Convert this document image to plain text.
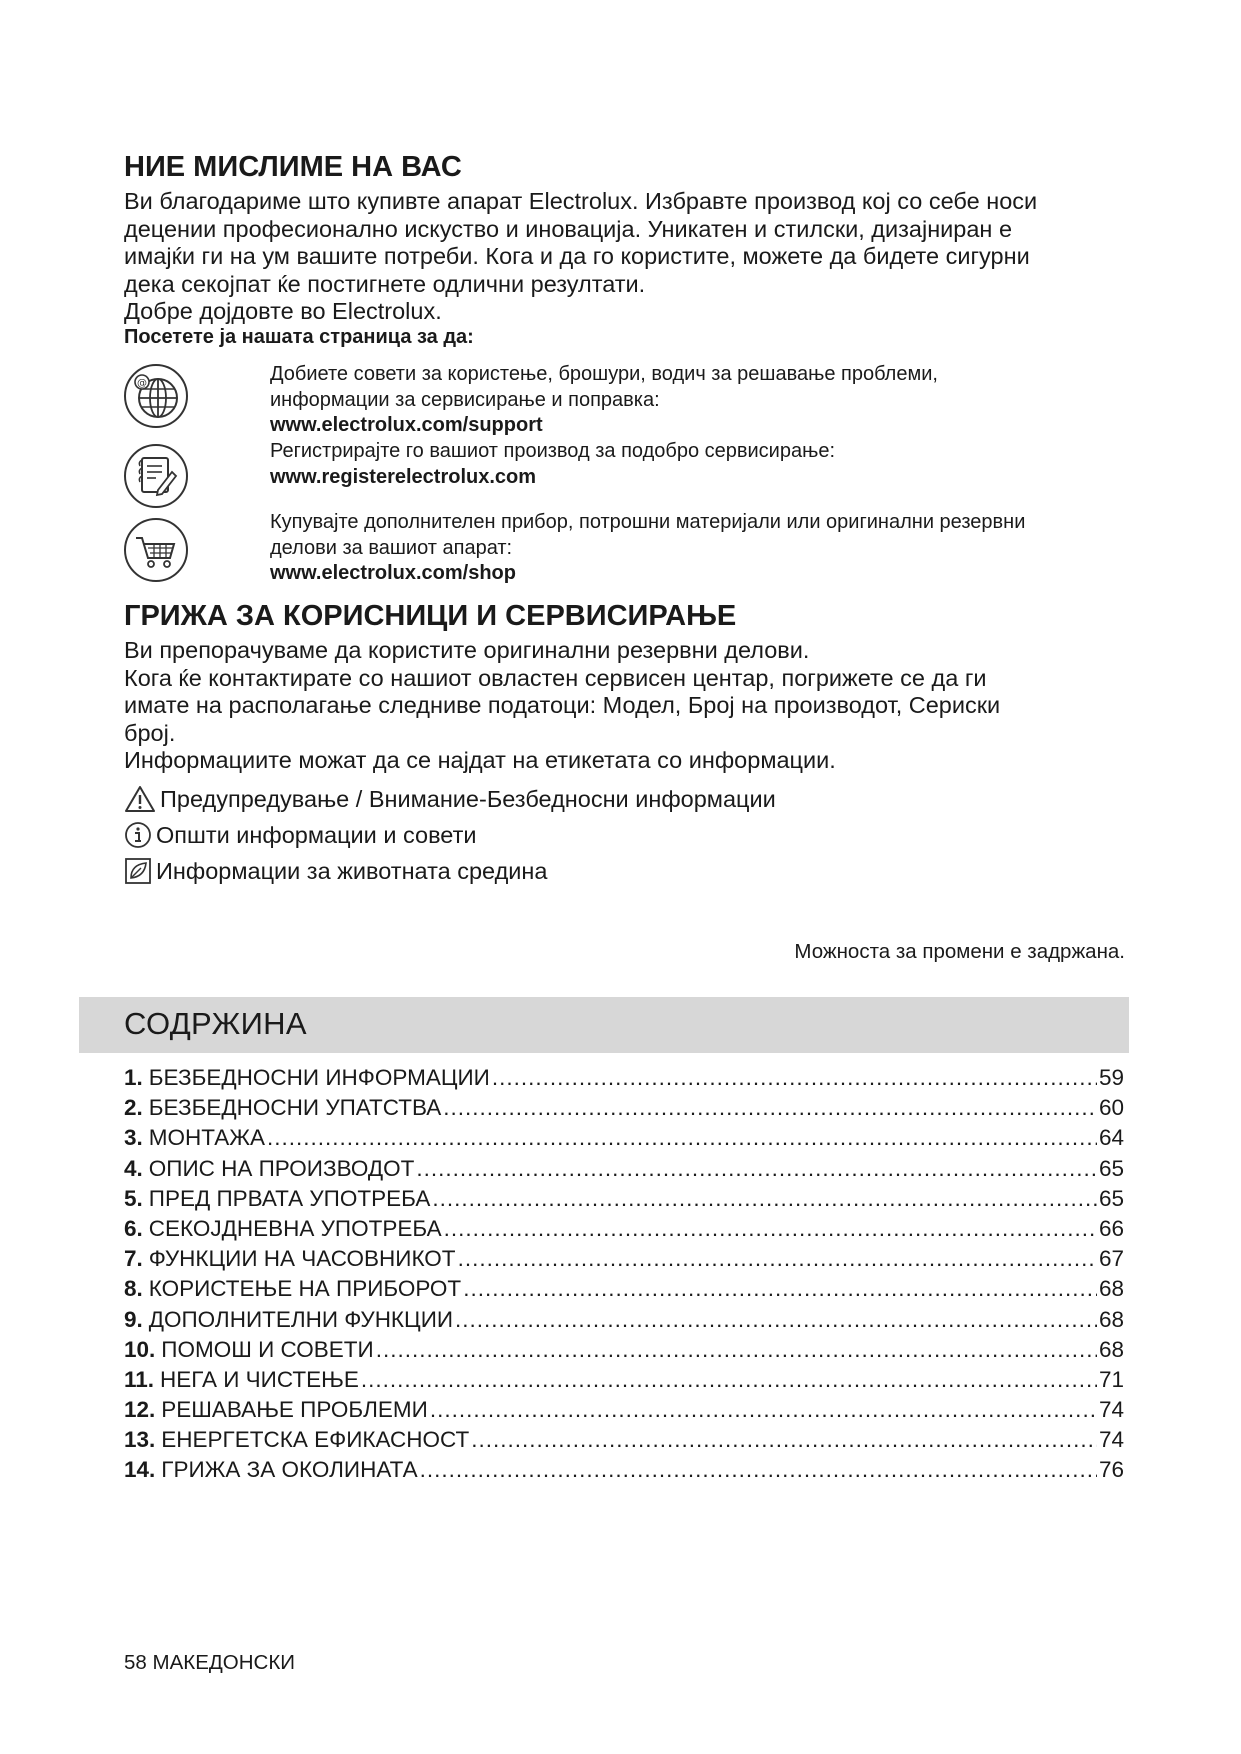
НИЕ МИСЛИМЕ НА ВАС
Ви благодариме што купивте апарат Electrolux. Избравте производ кој со себе носи
децении професионално искуство и иновација. Уникатен и стилски, дизајниран е
имајќи ги на ум вашите потреби. Кога и да го користите, можете да бидете сигурни
дека секојпат ќе постигнете одлични резултати.
Добре дојдовте во Electrolux.
Посетете ја нашата страница за да:
@	Добиете совети за користење, брошури, водич за решавање проблеми,
информации за сервисирање и поправка:
www.electrolux.com/support
Регистрирајте го вашиот производ за подобро сервисирање:
www.registerelectrolux.com
Купувајте дополнителен прибор, потрошни материјали или оригинални резервни
делови за вашиот апарат:
www.electrolux.com/shop
ГРИЖА ЗА КОРИСНИЦИ И СЕРВИСИРАЊЕ
Ви препорачуваме да користите оригинални резервни делови.
Кога ќе контактирате со нашиот овластен сервисен центар, погрижете се да ги
имате на располагање следниве податоци: Модел, Број на производот, Сериски
број.
Информациите можат да се најдат на етикетата со информации.
Предупредување / Внимание-Безбедносни информации
Општи информации и совети
Информации за животната средина
Можноста за промени е задржана.
СОДРЖИНА
1. БЕЗБЕДНОСНИ ИНФОРМАЦИИ .....	59
2. БЕЗБЕДНОСНИ УПАТСТВА .....	60
3. МОНТАЖА .....	64
4. ОПИС НА ПРОИЗВОДОТ .....	65
5. ПРЕД ПРВАТА УПОТРЕБА .....	65
6. СЕКОЈДНЕВНА УПОТРЕБА .....	66
7. ФУНКЦИИ НА ЧАСОВНИКОТ .....	67
8. КОРИСТЕЊЕ НА ПРИБОРОТ .....	68
9. ДОПОЛНИТЕЛНИ ФУНКЦИИ .....	68
10. ПОМОШ И СОВЕТИ .....	68
11. НЕГА И ЧИСТЕЊЕ .....	71
12. РЕШАВАЊЕ ПРОБЛЕМИ .....	74
13. ЕНЕРГЕТСКА ЕФИКАСНОСТ .....	74
14. ГРИЖА ЗА ОКОЛИНАТА .....	76
58 МАКЕДОНСКИ
